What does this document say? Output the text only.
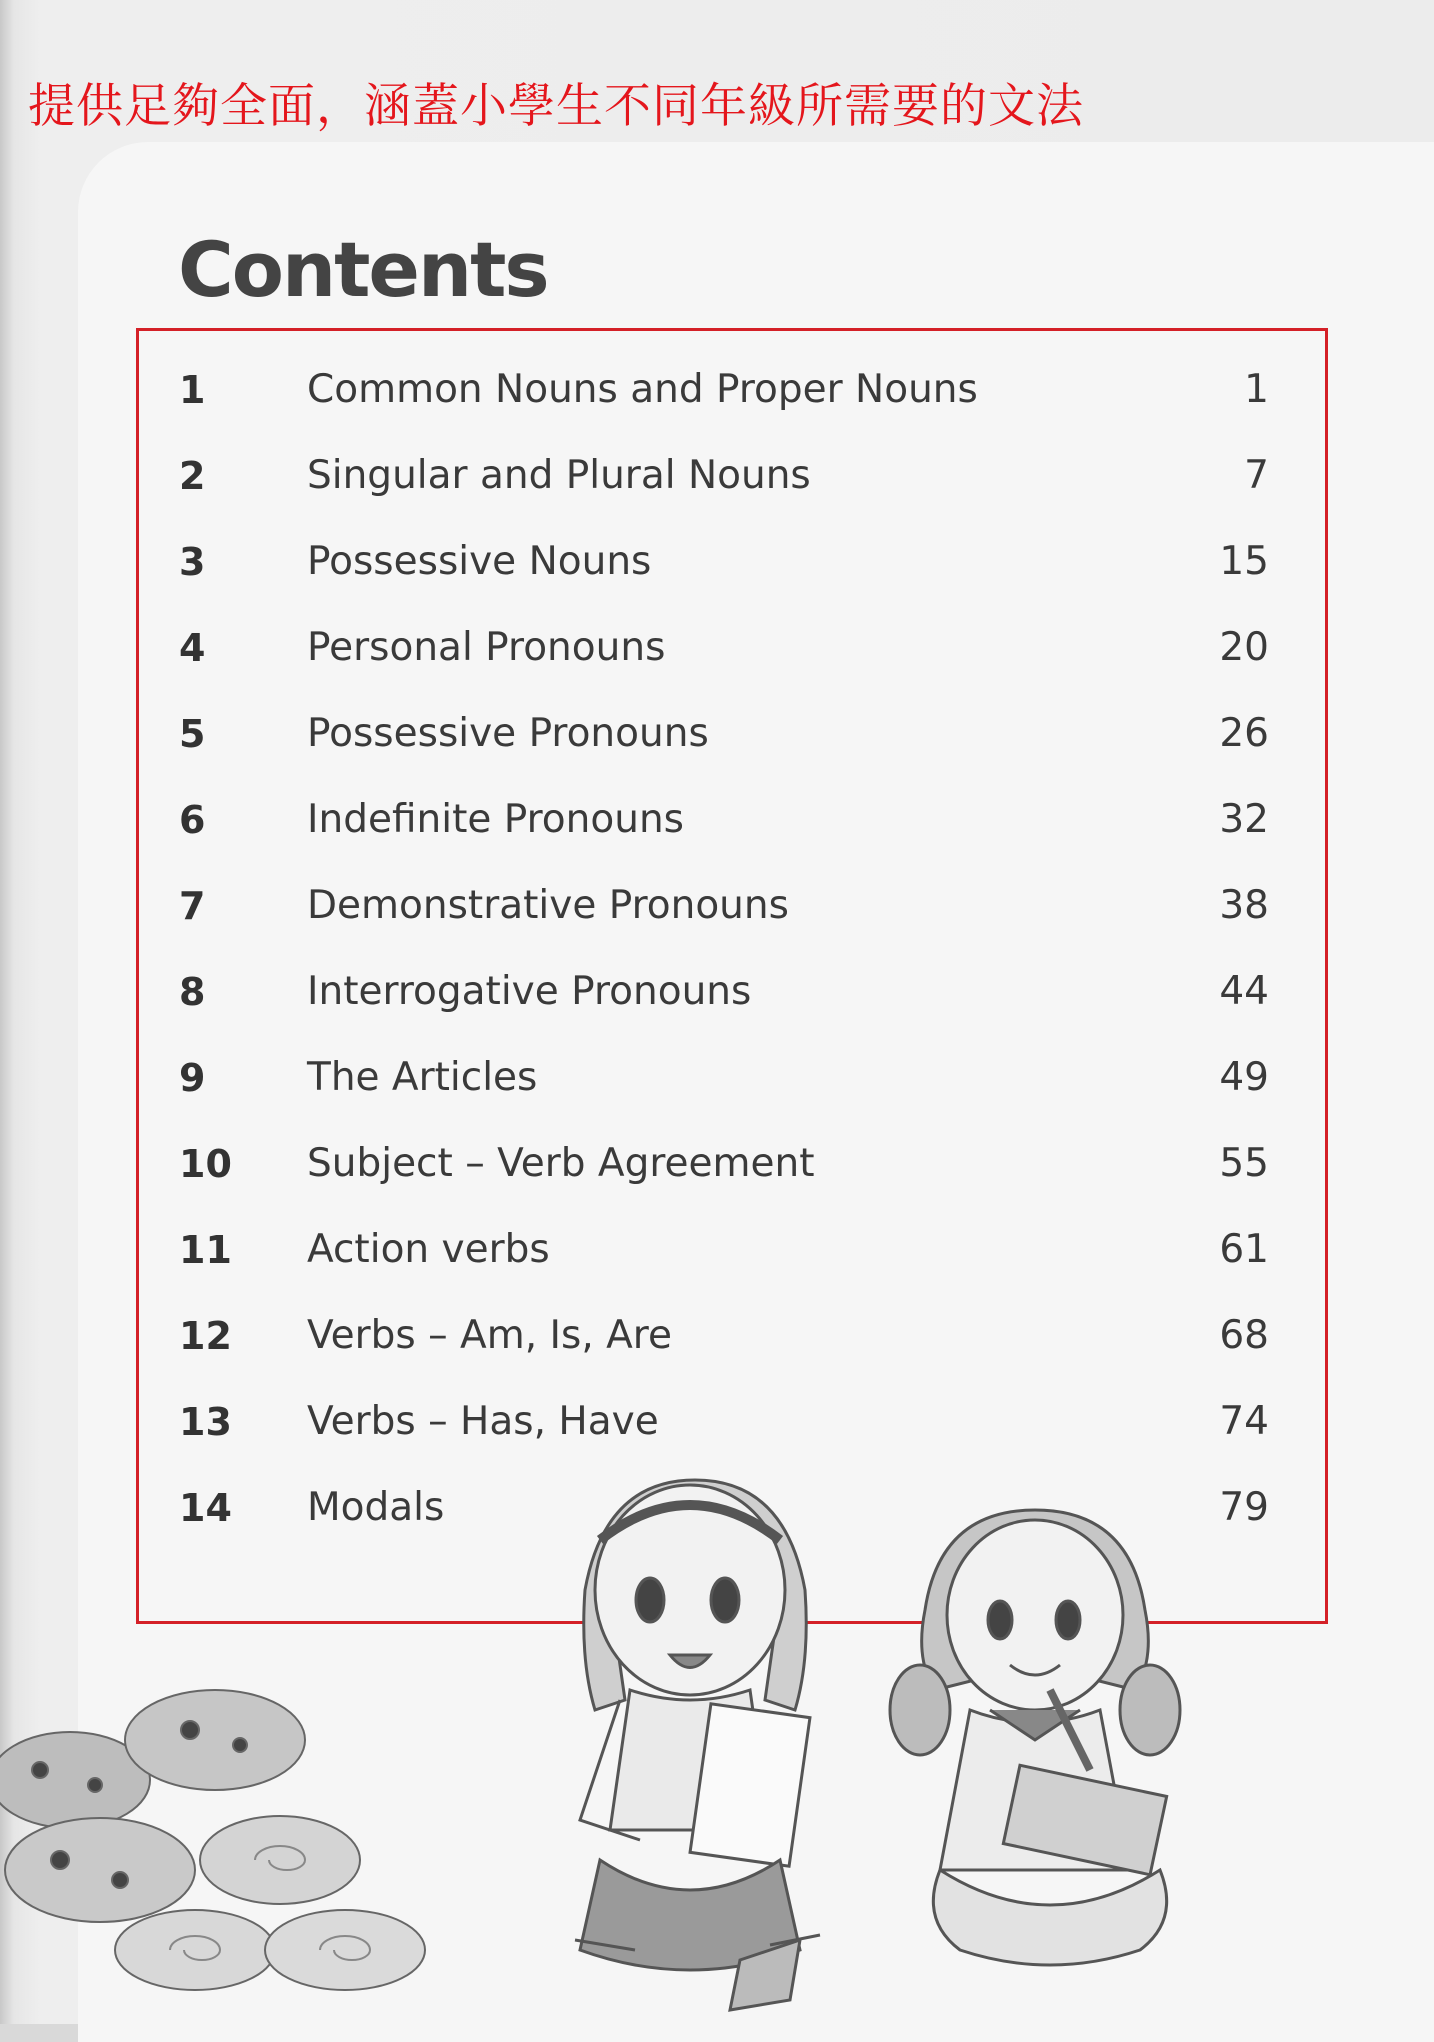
提供足夠全面，涵蓋小學生不同年級所需要的文法

Contents
1	Common Nouns and Proper Nouns	1
2	Singular and Plural Nouns	7
3	Possessive Nouns	15
4	Personal Pronouns	20
5	Possessive Pronouns	26
6	Indefinite Pronouns	32
7	Demonstrative Pronouns	38
8	Interrogative Pronouns	44
9	The Articles	49
10 Subject – Verb Agreement	55
11 Action verbs	61
12 Verbs – Am, Is, Are	68
13 Verbs – Has, Have	74
14 Modals	79
